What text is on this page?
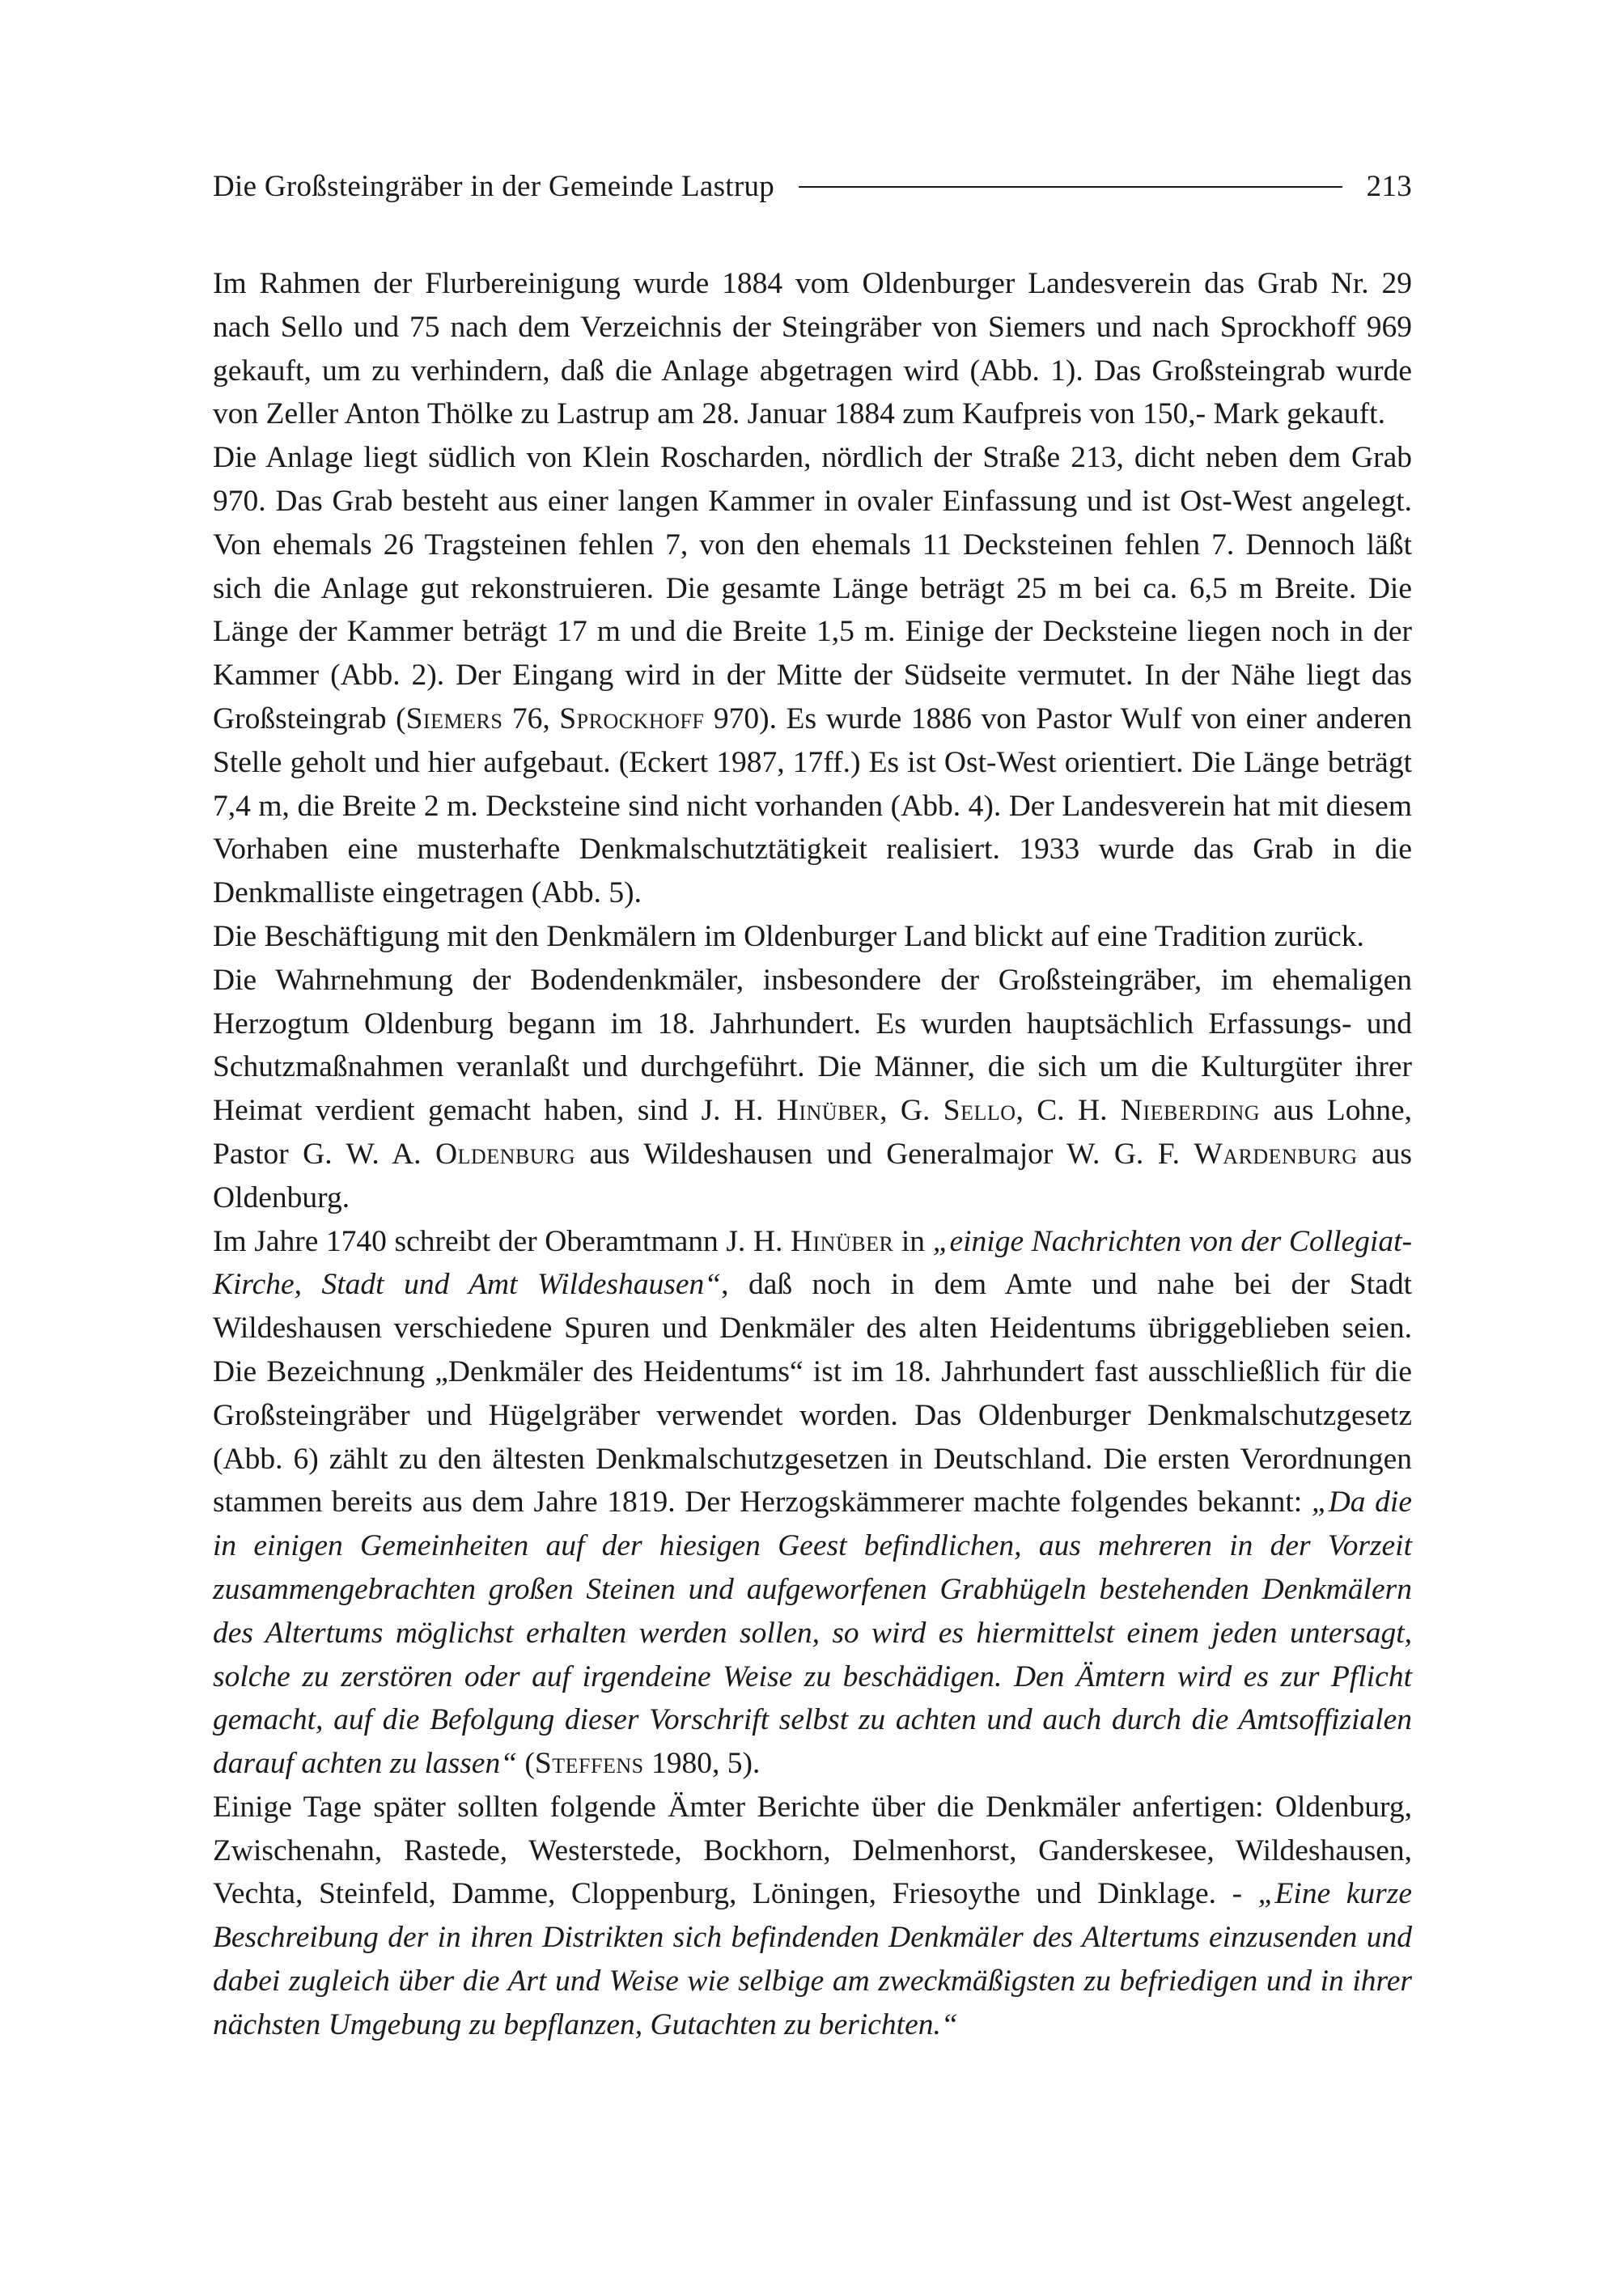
Die Großsteingräber in der Gemeinde Lastrup	213

Im Rahmen der Flurbereinigung wurde 1884 vom Oldenburger Landesverein das Grab Nr. 29 nach Sello und 75 nach dem Verzeichnis der Steingräber von Siemers und nach Sprockhoff 969 gekauft, um zu verhindern, daß die Anlage abgetragen wird (Abb. 1). Das Großsteingrab wurde von Zeller Anton Thölke zu Lastrup am 28. Januar 1884 zum Kaufpreis von 150,- Mark gekauft.

Die Anlage liegt südlich von Klein Roscharden, nördlich der Straße 213, dicht neben dem Grab 970. Das Grab besteht aus einer langen Kammer in ovaler Einfassung und ist Ost-West angelegt. Von ehemals 26 Tragsteinen fehlen 7, von den ehemals 11 Decksteinen fehlen 7. Dennoch läßt sich die Anlage gut rekonstruieren. Die gesamte Länge beträgt 25 m bei ca. 6,5 m Breite. Die Länge der Kammer beträgt 17 m und die Breite 1,5 m. Einige der Decksteine liegen noch in der Kammer (Abb. 2). Der Eingang wird in der Mitte der Südseite vermutet. In der Nähe liegt das Großsteingrab (Siemers 76, Sprockhoff 970). Es wurde 1886 von Pastor Wulf von einer anderen Stelle geholt und hier aufgebaut. (Eckert 1987, 17ff.) Es ist Ost-West orientiert. Die Länge beträgt 7,4 m, die Breite 2 m. Decksteine sind nicht vorhanden (Abb. 4). Der Landesverein hat mit diesem Vorhaben eine musterhafte Denkmalschutztätigkeit realisiert. 1933 wurde das Grab in die Denkmalliste eingetragen (Abb. 5).

Die Beschäftigung mit den Denkmälern im Oldenburger Land blickt auf eine Tradition zurück.

Die Wahrnehmung der Bodendenkmäler, insbesondere der Großsteingräber, im ehemaligen Herzogtum Oldenburg begann im 18. Jahrhundert. Es wurden hauptsächlich Erfassungs- und Schutzmaßnahmen veranlaßt und durchgeführt. Die Männer, die sich um die Kulturgüter ihrer Heimat verdient gemacht haben, sind J. H. Hinüber, G. Sello, C. H. Nieberding aus Lohne, Pastor G. W. A. Oldenburg aus Wildeshausen und Generalmajor W. G. F. Wardenburg aus Oldenburg.

Im Jahre 1740 schreibt der Oberamtmann J. H. Hinüber in „einige Nachrichten von der Collegiat-Kirche, Stadt und Amt Wildeshausen“, daß noch in dem Amte und nahe bei der Stadt Wildeshausen verschiedene Spuren und Denkmäler des alten Heidentums übriggeblieben seien. Die Bezeichnung „Denkmäler des Heidentums“ ist im 18. Jahrhundert fast ausschließlich für die Großsteingräber und Hügelgräber verwendet worden. Das Oldenburger Denkmalschutzgesetz (Abb. 6) zählt zu den ältesten Denkmalschutzgesetzen in Deutschland. Die ersten Verordnungen stammen bereits aus dem Jahre 1819. Der Herzogskämmerer machte folgendes bekannt: „Da die in einigen Gemeinheiten auf der hiesigen Geest befindlichen, aus mehreren in der Vorzeit zusammengebrachten großen Steinen und aufgeworfenen Grabhügeln bestehenden Denkmälern des Altertums möglichst erhalten werden sollen, so wird es hiermittelst einem jeden untersagt, solche zu zerstören oder auf irgendeine Weise zu beschädigen. Den Ämtern wird es zur Pflicht gemacht, auf die Befolgung dieser Vorschrift selbst zu achten und auch durch die Amtsoffizialen darauf achten zu lassen“ (Steffens 1980, 5).

Einige Tage später sollten folgende Ämter Berichte über die Denkmäler anfertigen: Oldenburg, Zwischenahn, Rastede, Westerstede, Bockhorn, Delmenhorst, Ganderskesee, Wildeshausen, Vechta, Steinfeld, Damme, Cloppenburg, Löningen, Friesoythe und Dinklage. - „Eine kurze Beschreibung der in ihren Distrikten sich befindenden Denkmäler des Altertums einzusenden und dabei zugleich über die Art und Weise wie selbige am zweckmäßigsten zu befriedigen und in ihrer nächsten Umgebung zu bepflanzen, Gutachten zu berichten.“
